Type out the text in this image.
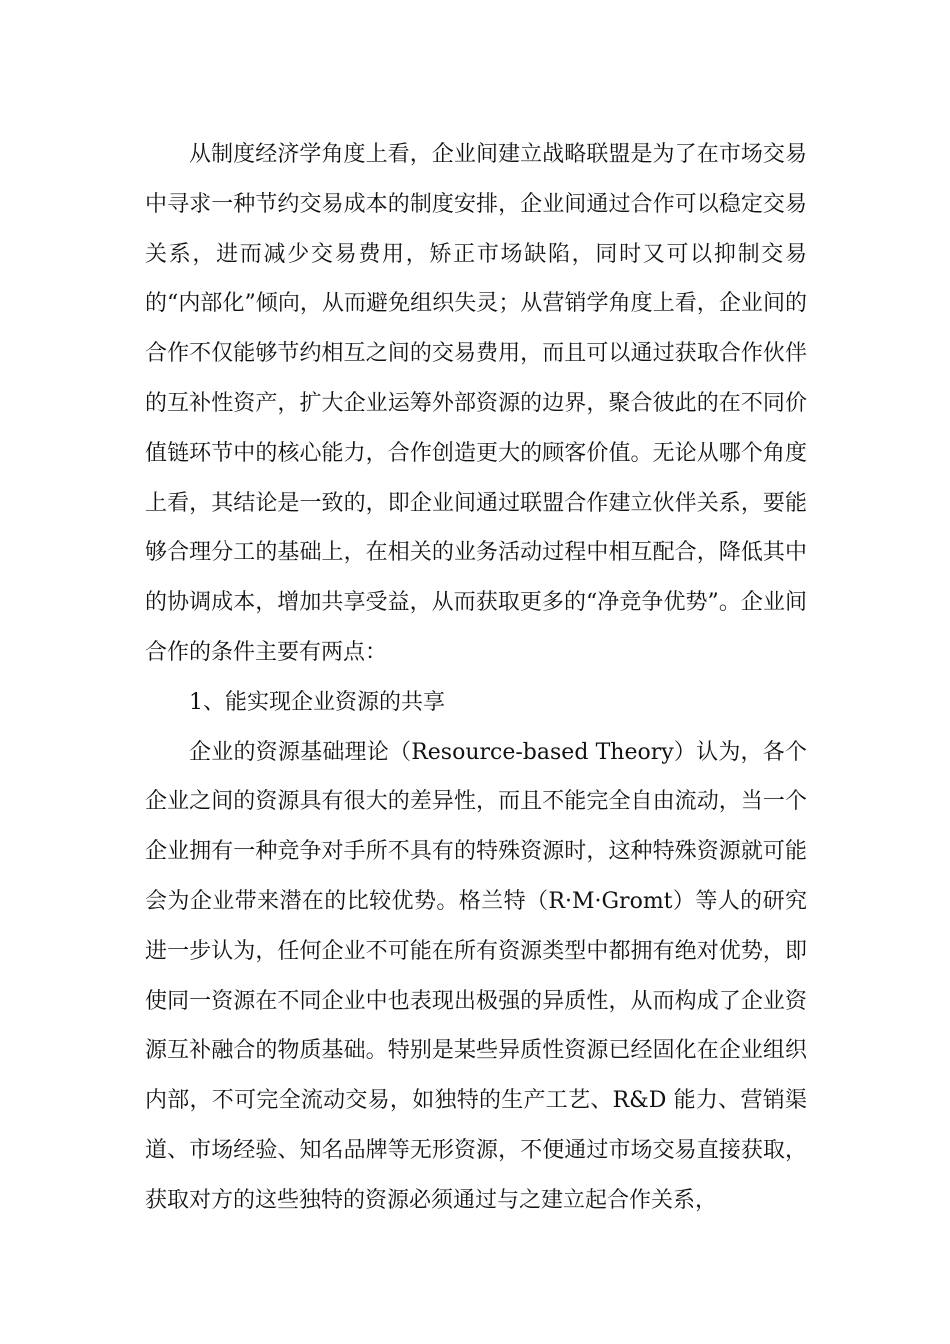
从制度经济学角度上看，企业间建立战略联盟是为了在市场交易中寻求一种节约交易成本的制度安排，企业间通过合作可以稳定交易关系，进而减少交易费用，矫正市场缺陷，同时又可以抑制交易的“内部化”倾向，从而避免组织失灵；从营销学角度上看，企业间的合作不仅能够节约相互之间的交易费用，而且可以通过获取合作伙伴的互补性资产，扩大企业运筹外部资源的边界，聚合彼此的在不同价值链环节中的核心能力，合作创造更大的顾客价值。无论从哪个角度上看，其结论是一致的，即企业间通过联盟合作建立伙伴关系，要能够合理分工的基础上，在相关的业务活动过程中相互配合，降低其中的协调成本，增加共享受益，从而获取更多的“净竞争优势”。企业间合作的条件主要有两点：

1、能实现企业资源的共享

企业的资源基础理论（Resource-based Theory）认为，各个企业之间的资源具有很大的差异性，而且不能完全自由流动，当一个企业拥有一种竞争对手所不具有的特殊资源时，这种特殊资源就可能会为企业带来潜在的比较优势。格兰特（R·M·Gromt）等人的研究进一步认为，任何企业不可能在所有资源类型中都拥有绝对优势，即使同一资源在不同企业中也表现出极强的异质性，从而构成了企业资源互补融合的物质基础。特别是某些异质性资源已经固化在企业组织内部，不可完全流动交易，如独特的生产工艺、R&D 能力、营销渠道、市场经验、知名品牌等无形资源，不便通过市场交易直接获取，获取对方的这些独特的资源必须通过与之建立起合作关系，
